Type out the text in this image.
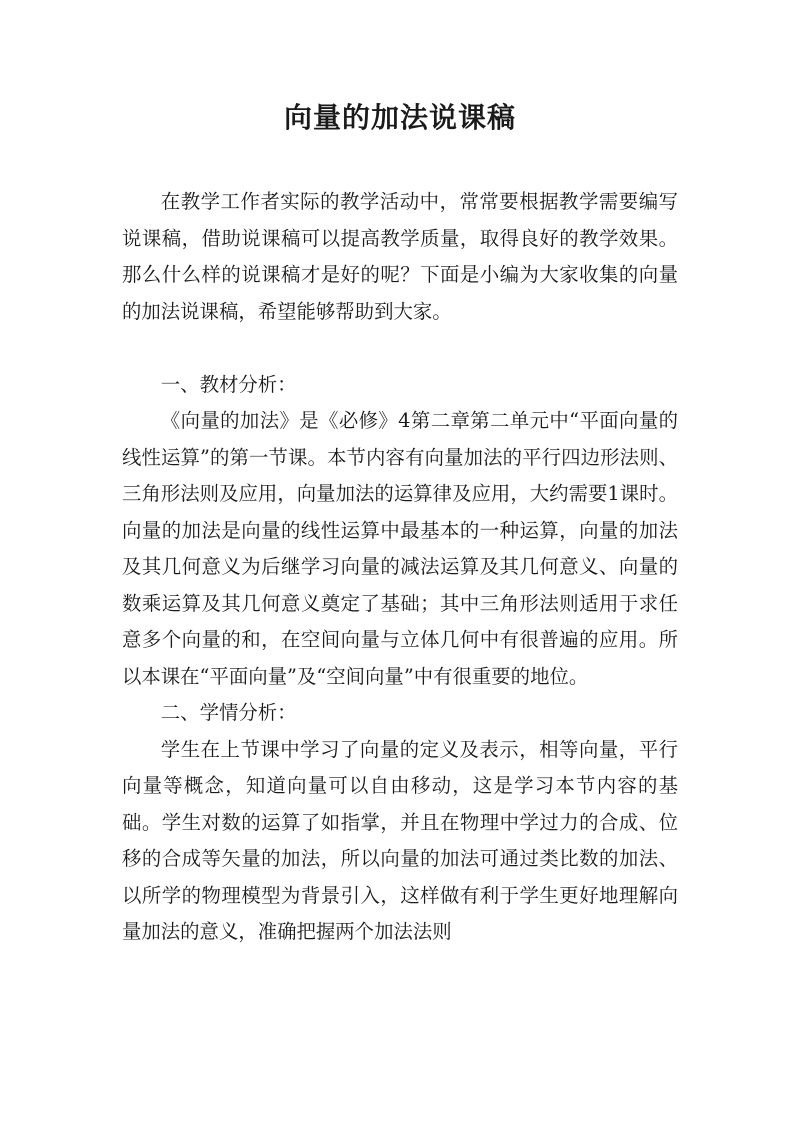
向量的加法说课稿

在教学工作者实际的教学活动中，常常要根据教学需要编写说课稿，借助说课稿可以提高教学质量，取得良好的教学效果。那么什么样的说课稿才是好的呢？下面是小编为大家收集的向量的加法说课稿，希望能够帮助到大家。

一、教材分析：

《向量的加法》是《必修》4第二章第二单元中“平面向量的线性运算”的第一节课。本节内容有向量加法的平行四边形法则、三角形法则及应用，向量加法的运算律及应用，大约需要1课时。向量的加法是向量的线性运算中最基本的一种运算，向量的加法及其几何意义为后继学习向量的减法运算及其几何意义、向量的数乘运算及其几何意义奠定了基础；其中三角形法则适用于求任意多个向量的和，在空间向量与立体几何中有很普遍的应用。所以本课在“平面向量”及“空间向量”中有很重要的地位。

二、学情分析：

学生在上节课中学习了向量的定义及表示，相等向量，平行向量等概念，知道向量可以自由移动，这是学习本节内容的基础。学生对数的运算了如指掌，并且在物理中学过力的合成、位移的合成等矢量的加法，所以向量的加法可通过类比数的加法、以所学的物理模型为背景引入，这样做有利于学生更好地理解向量加法的意义，准确把握两个加法法则
